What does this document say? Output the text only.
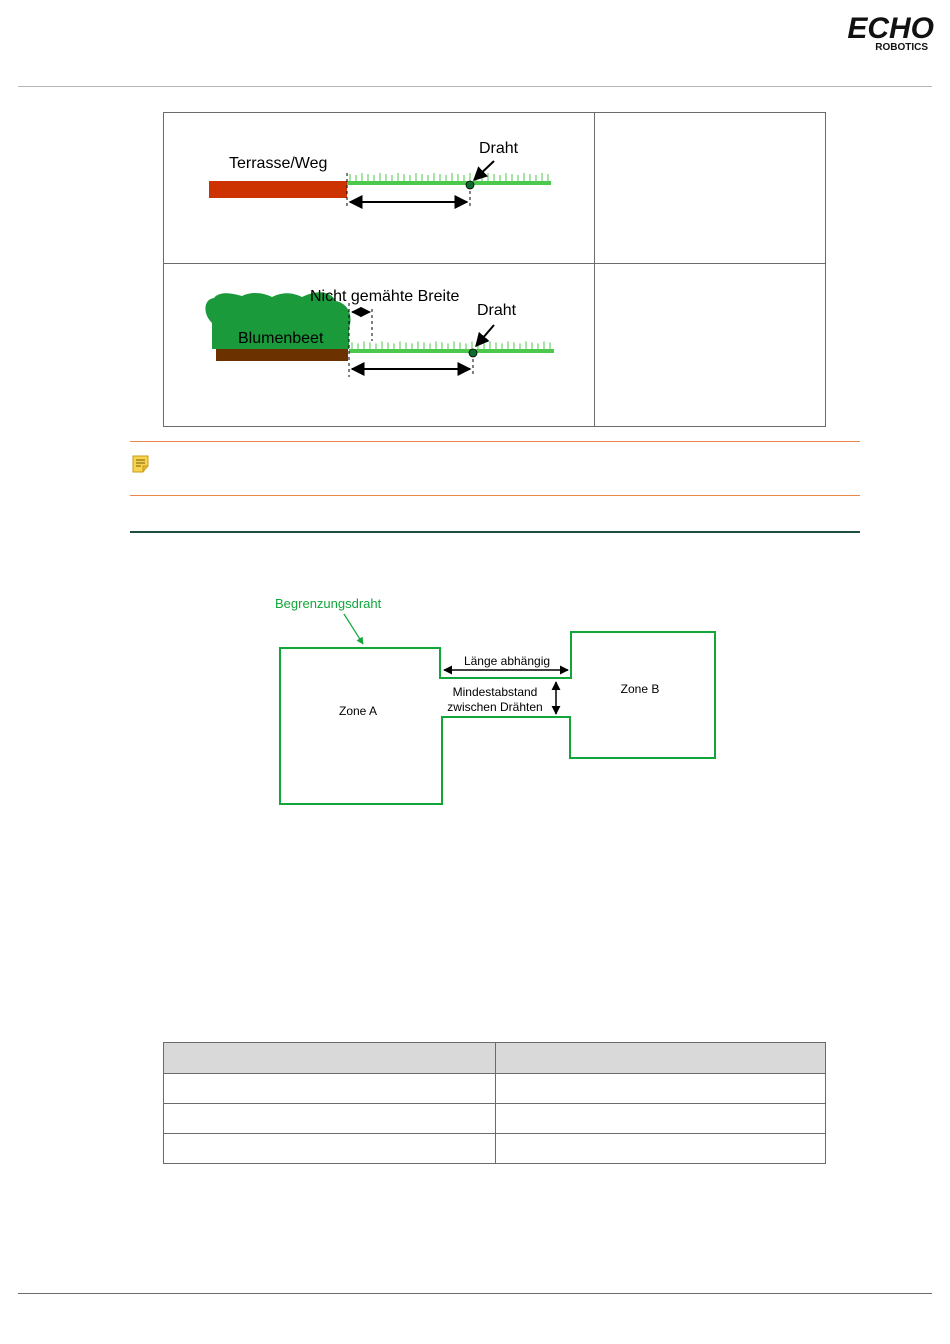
ECHO
ROBOTICS
Terrasse/Weg
Draht
Blumenbeet
Nicht gemähte Breite
Draht
Begrenzungsdraht
Länge abhängig
Mindestabstand
zwischen Drähten
Zone A
Zone B
